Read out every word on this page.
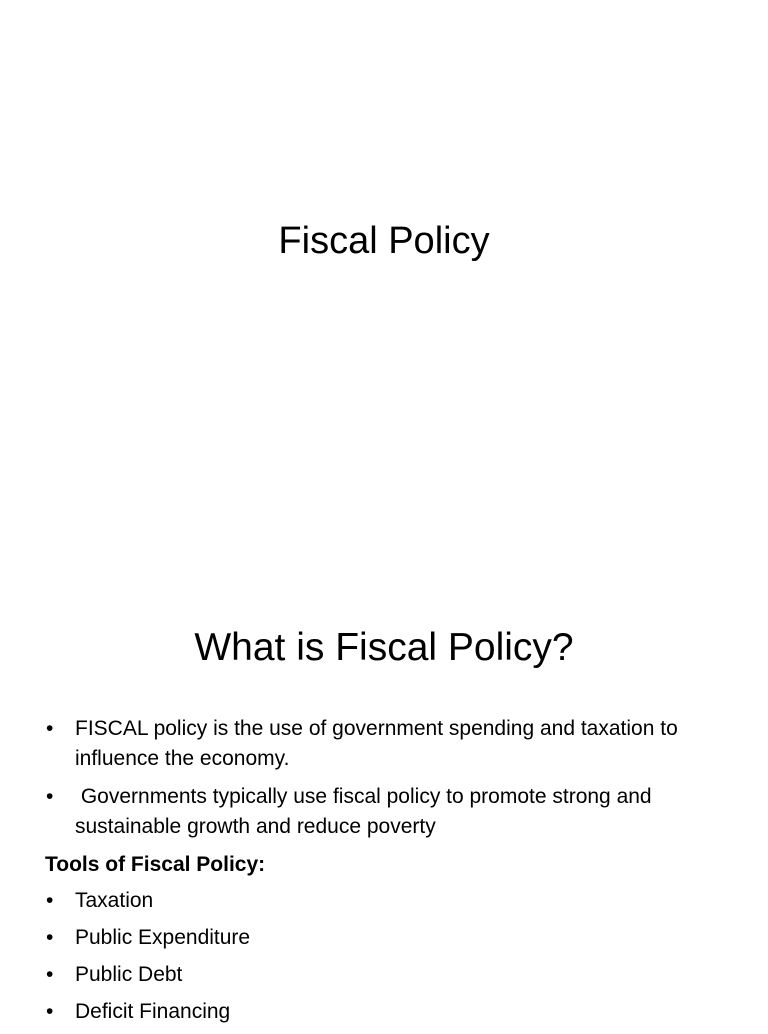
Fiscal Policy
What is Fiscal Policy?
• FISCAL policy is the use of government spending and taxation to influence the economy.
• Governments typically use fiscal policy to promote strong and sustainable growth and reduce poverty
Tools of Fiscal Policy:
• Taxation
• Public Expenditure
• Public Debt
• Deficit Financing
